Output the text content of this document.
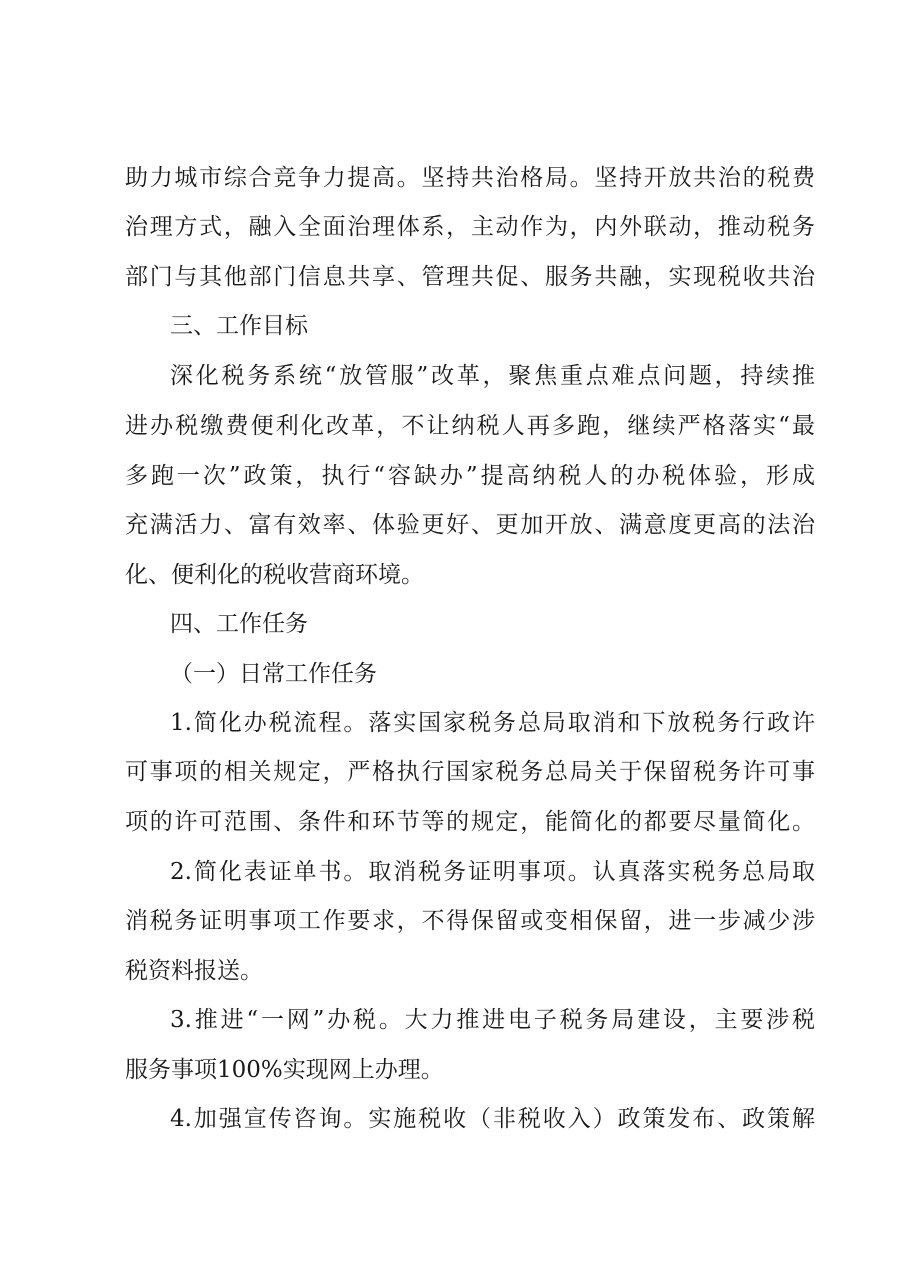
助力城市综合竞争力提高。坚持共治格局。坚持开放共治的税费
治理方式，融入全面治理体系，主动作为，内外联动，推动税务
部门与其他部门信息共享、管理共促、服务共融，实现税收共治
三、工作目标
深化税务系统“放管服”改革，聚焦重点难点问题，持续推
进办税缴费便利化改革，不让纳税人再多跑，继续严格落实“最
多跑一次”政策，执行“容缺办”提高纳税人的办税体验，形成
充满活力、富有效率、体验更好、更加开放、满意度更高的法治
化、便利化的税收营商环境。
四、工作任务
（一）日常工作任务
1.简化办税流程。落实国家税务总局取消和下放税务行政许
可事项的相关规定，严格执行国家税务总局关于保留税务许可事
项的许可范围、条件和环节等的规定，能简化的都要尽量简化。
2.简化表证单书。取消税务证明事项。认真落实税务总局取
消税务证明事项工作要求，不得保留或变相保留，进一步减少涉
税资料报送。
3.推进“一网”办税。大力推进电子税务局建设，主要涉税
服务事项100%实现网上办理。
4.加强宣传咨询。实施税收（非税收入）政策发布、政策解
